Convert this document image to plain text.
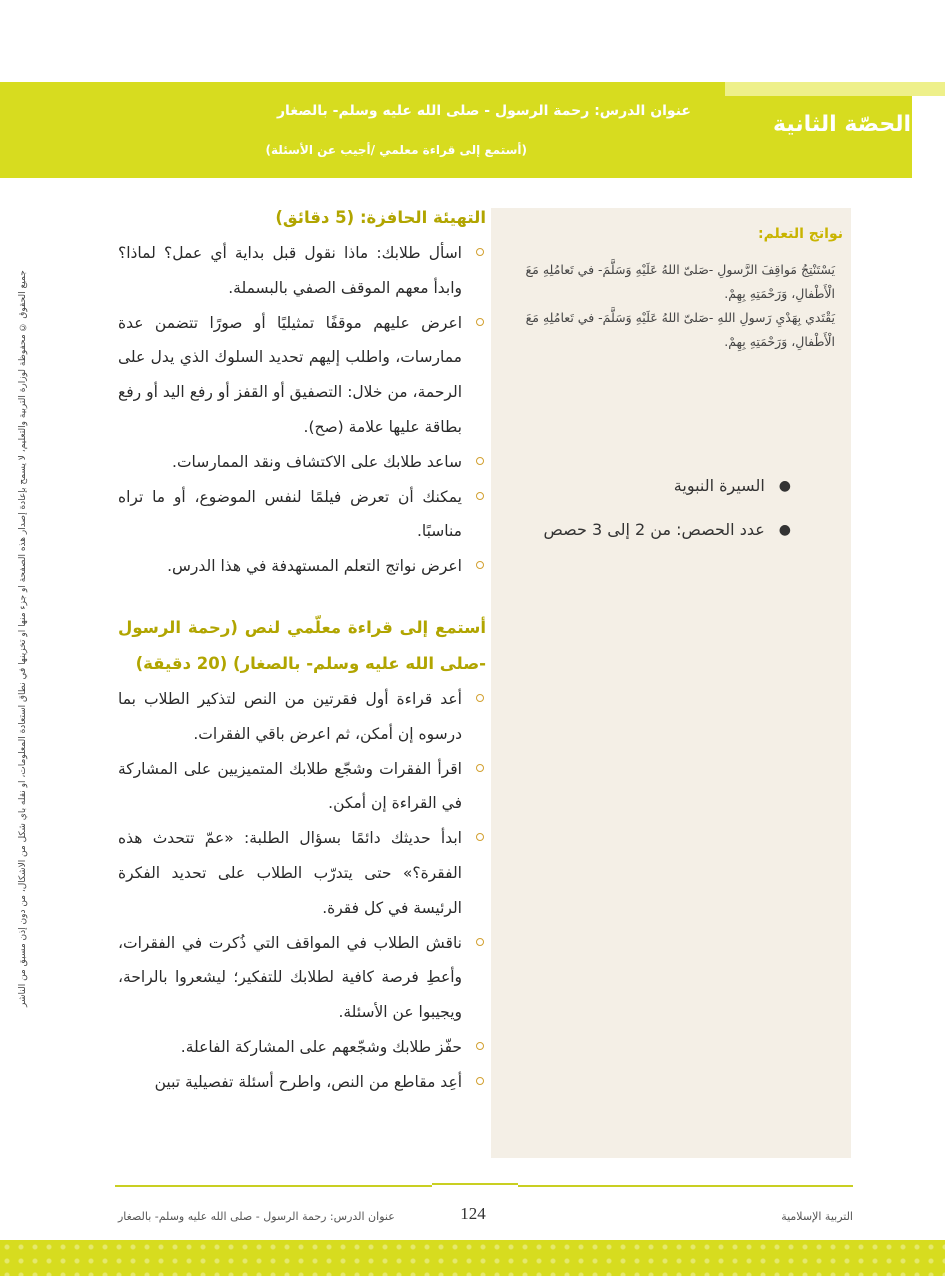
الحصّة الثانية
عنوان الدرس: رحمة الرسول - صلى الله عليه وسلم- بالصغار
(أستمع إلى قراءة معلمي /أجيب عن الأسئلة)
جميع الحقوق © محفوظة لوزارة التربية والتعليم، لا يسمح بإعادة إصدار هذه الصفحة أو جزء منها أو تخزينها في نطاق استعادة المعلومات، أو نقله بأي شكل من الأشكال، من دون إذن مسبق من الناشر
نواتج التعلم:
يَسْتَنْتِجُ مَواقِفَ الرَّسولِ -صَلىّ اللهُ عَلَيْهِ وَسَلَّمَ- في تَعامُلِهِ مَعَ
الْأَطْفالِ، وَرَحْمَتِهِ بِهِمْ.
يَقْتَدي بِهَدْيِ رَسولِ اللهِ -صَلىّ اللهُ عَلَيْهِ وَسَلَّمَ- في تَعامُلِهِ مَعَ
الْأَطْفالِ، وَرَحْمَتِهِ بِهِمْ.
●
السيرة النبوية
●
عدد الحصص: من 2 إلى 3 حصص
التهيئة الحافزة: (5 دقائق)
اسأل طلابك: ماذا نقول قبل بداية أي عمل؟ لماذا؟ وابدأ معهم الموقف الصفي بالبسملة.
اعرض عليهم موقفًا تمثيليًا أو صورًا تتضمن عدة ممارسات، واطلب إليهم تحديد السلوك الذي يدل على الرحمة، من خلال: التصفيق أو القفز أو رفع اليد أو رفع بطاقة عليها علامة (صح).
ساعد طلابك على الاكتشاف ونقد الممارسات.
يمكنك أن تعرض فيلمًا لنفس الموضوع، أو ما تراه مناسبًا.
اعرض نواتج التعلم المستهدفة في هذا الدرس.
أستمع إلى قراءة معلّمي لنص (رحمة الرسول -صلى الله عليه وسلم- بالصغار) (20 دقيقة)
أعد قراءة أول فقرتين من النص لتذكير الطلاب بما درسوه إن أمكن، ثم اعرض باقي الفقرات.
اقرأ الفقرات وشجّع طلابك المتميزيين على المشاركة في القراءة إن أمكن.
ابدأ حديثك دائمًا بسؤال الطلبة: «عمّ تتحدث هذه الفقرة؟» حتى يتدرّب الطلاب على تحديد الفكرة الرئيسة في كل فقرة.
ناقش الطلاب في المواقف التي ذُكرت في الفقرات، وأعطِ فرصة كافية لطلابك للتفكير؛ ليشعروا بالراحة، ويجيبوا عن الأسئلة.
حفّز طلابك وشجّعهم على المشاركة الفاعلة.
أعِد مقاطع من النص، واطرح أسئلة تفصيلية تبين
124	التربية الإسلامية
عنوان الدرس: رحمة الرسول - صلى الله عليه وسلم- بالصغار
